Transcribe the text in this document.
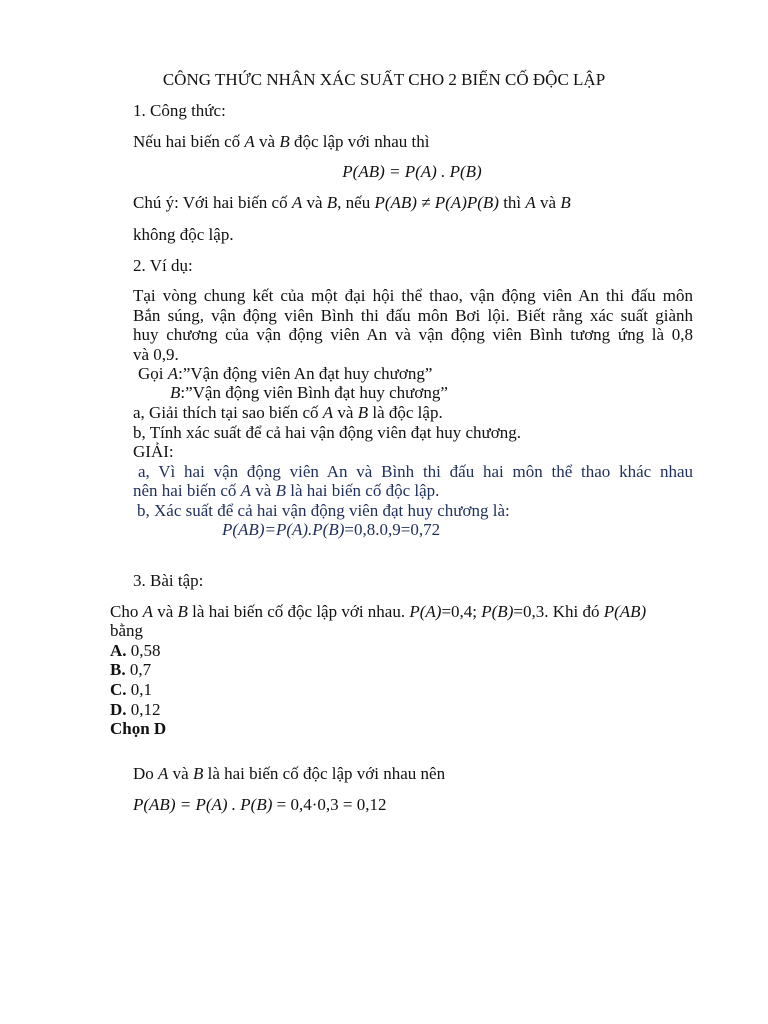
CÔNG THỨC NHÂN XÁC SUẤT CHO 2 BIẾN CỐ ĐỘC LẬP
1. Công thức:
Nếu hai biến cố A và B độc lập với nhau thì
P(AB) = P(A) . P(B)
Chú ý: Với hai biến cố A và B, nếu P(AB) ≠ P(A)P(B) thì A và B
không độc lập.
2. Ví dụ:
Tại vòng chung kết của một đại hội thể thao, vận động viên An thi đấu môn
Bắn súng, vận động viên Bình thi đấu môn Bơi lội. Biết rằng xác suất giành
huy chương của vận động viên An và vận động viên Bình tương ứng là 0,8
và 0,9.
Gọi A:”Vận động viên An đạt huy chương”
B:”Vận động viên Bình đạt huy chương”
a, Giải thích tại sao biến cố A và B là độc lập.
b, Tính xác suất để cả hai vận động viên đạt huy chương.
GIẢI:
a, Vì hai vận động viên An và Bình thi đấu hai môn thể thao khác nhau
nên hai biến cố A và B là hai biến cố độc lập.
b, Xác suất để cả hai vận động viên đạt huy chương là:
P(AB)=P(A).P(B)=0,8.0,9=0,72
3. Bài tập:
Cho A và B là hai biến cố độc lập với nhau. P(A)=0,4; P(B)=0,3. Khi đó P(AB)
bằng
A. 0,58
B. 0,7
C. 0,1
D. 0,12
Chọn D
Do A và B là hai biến cố độc lập với nhau nên
P(AB) = P(A) . P(B) = 0,4·0,3 = 0,12
